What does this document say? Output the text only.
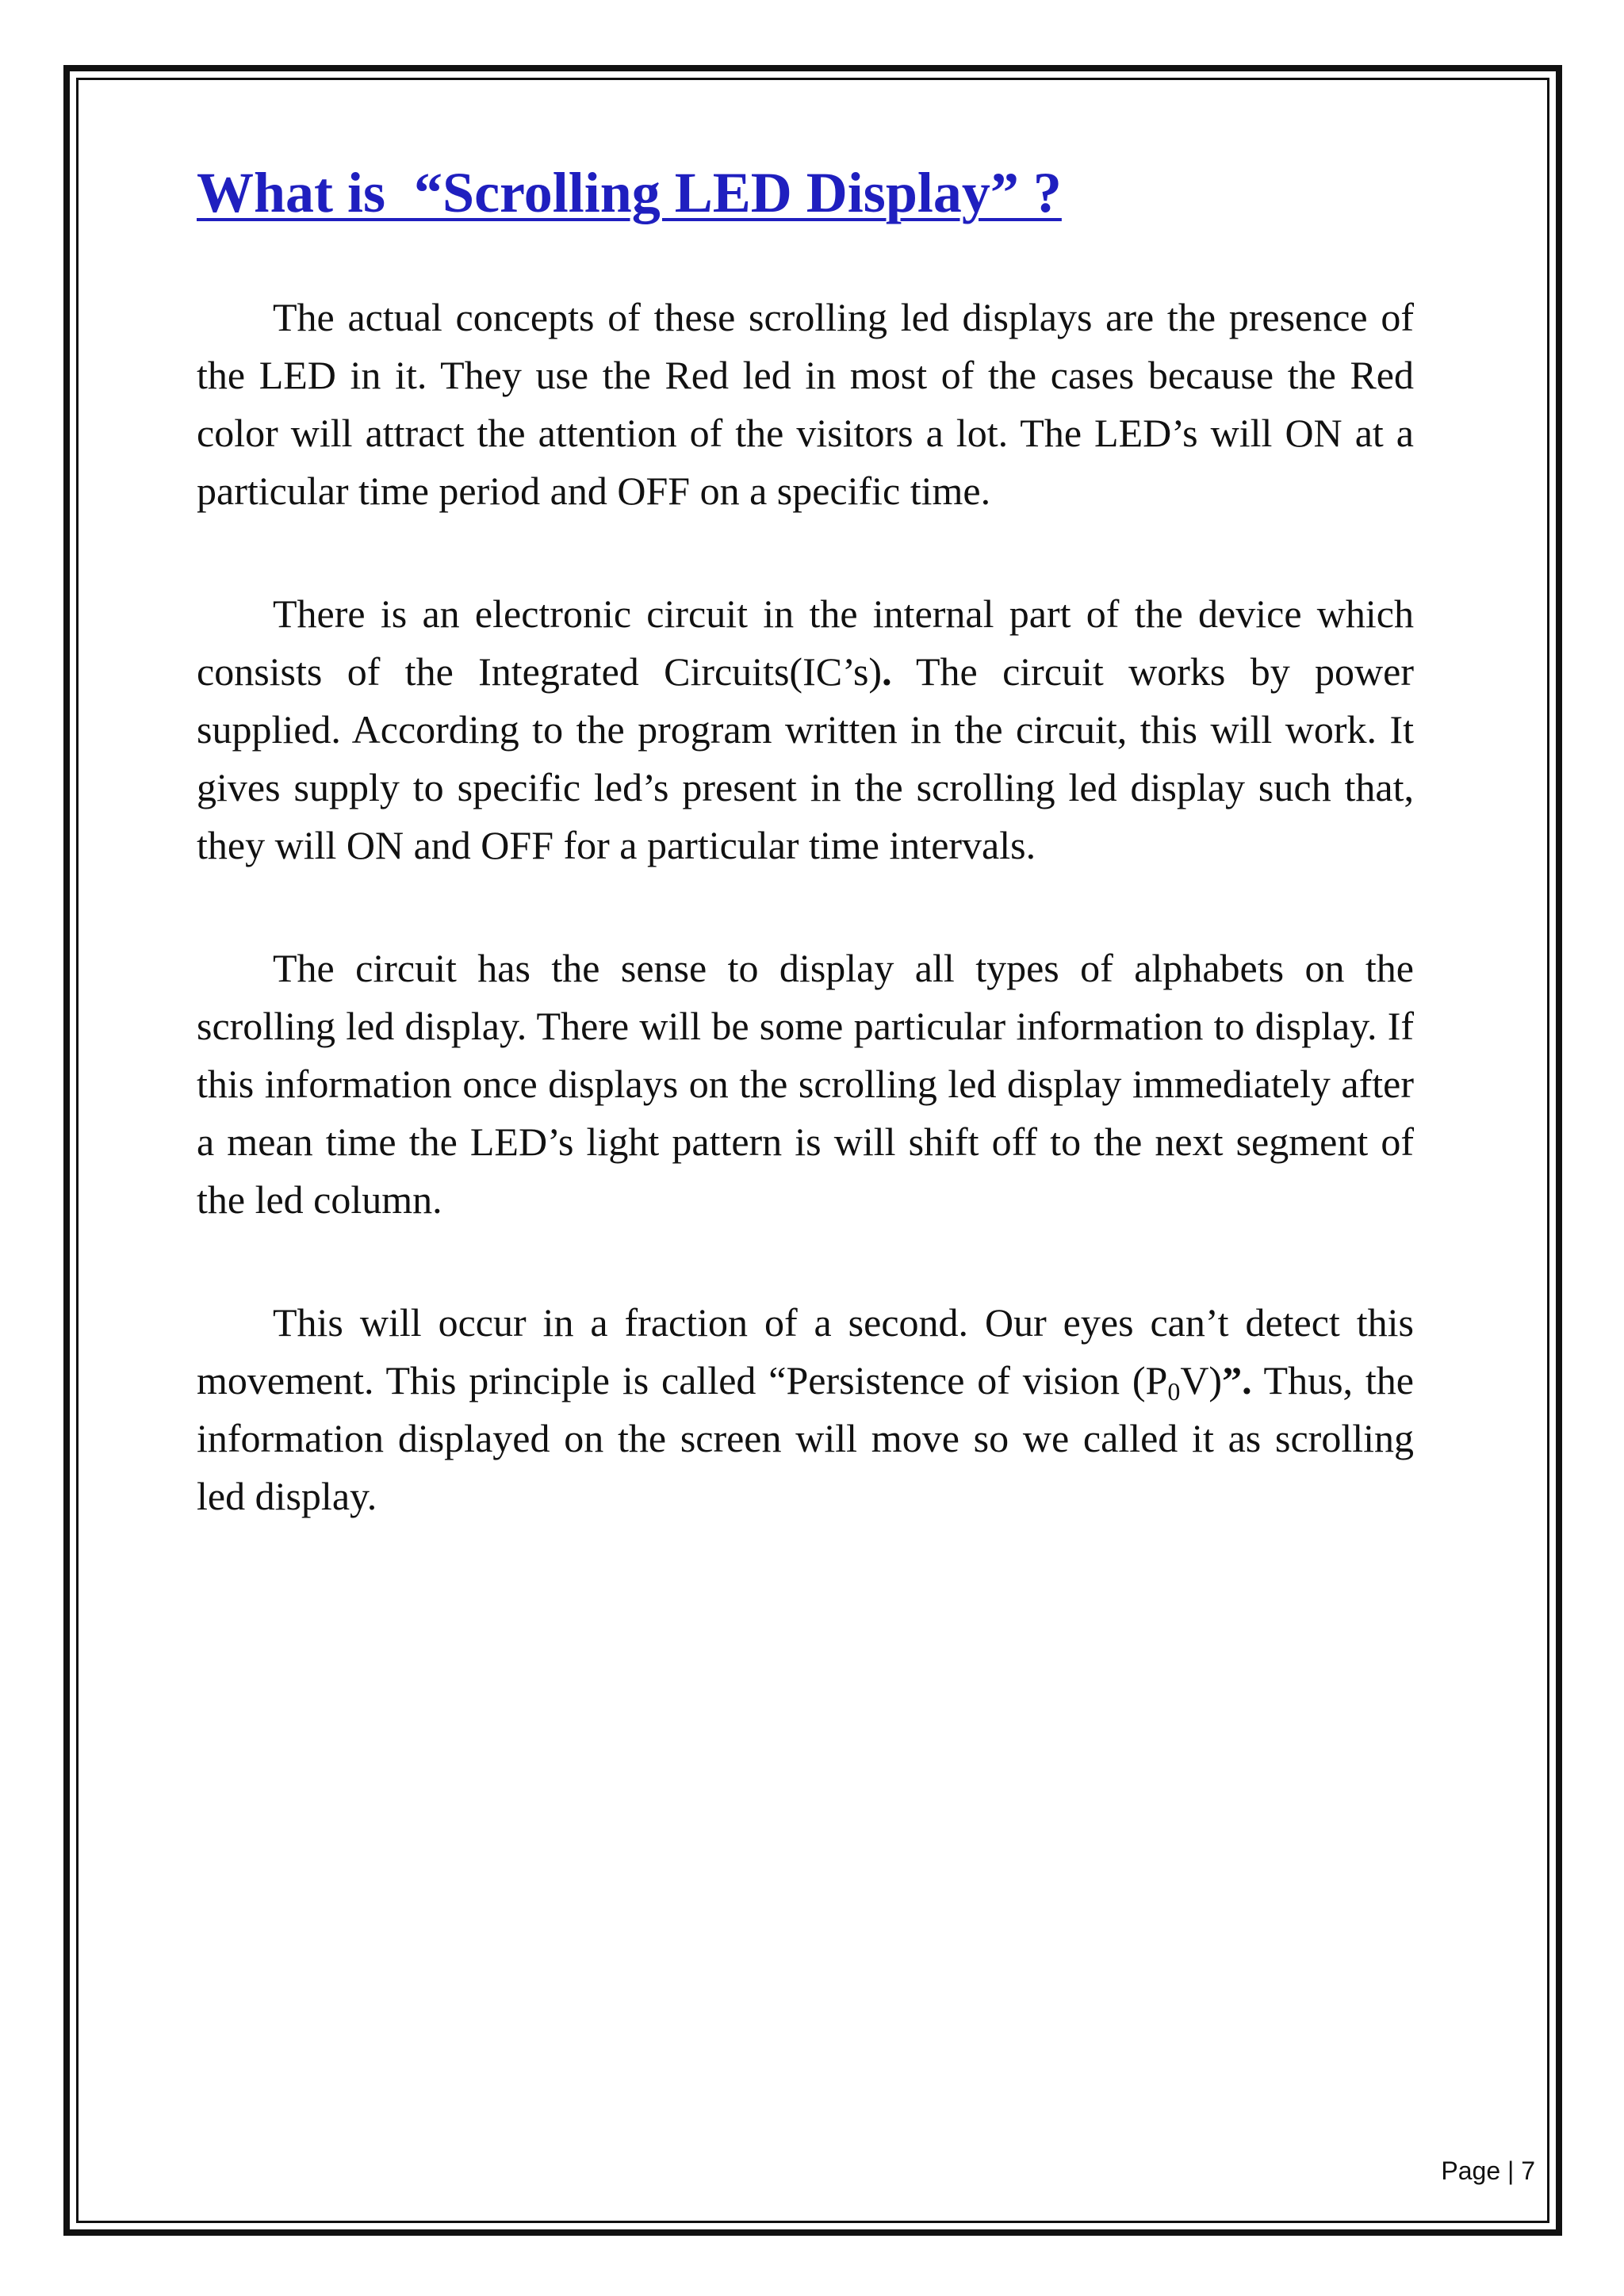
What is  “Scrolling LED Display” ?

The actual concepts of these scrolling led displays are the presence of the LED in it. They use the Red led in most of the cases because the Red color will attract the attention of the visitors a lot. The LED’s will ON at a particular time period and OFF on a specific time.

There is an electronic circuit in the internal part of the device which consists of the Integrated Circuits(IC’s). The circuit works by power supplied. According to the program written in the circuit, this will work. It gives supply to specific led’s present in the scrolling led display such that, they will ON and OFF for a particular time intervals.

The circuit has the sense to display all types of alphabets on the scrolling led display. There will be some particular information to display. If this information once displays on the scrolling led display immediately after a mean time the LED’s light pattern is will shift off to the next segment of the led column.

This will occur in a fraction of a second. Our eyes can’t detect this movement. This principle is called “Persistence of vision $(P_0V)$”. Thus, the information displayed on the screen will move so we called it as scrolling led display.

Page | 7
